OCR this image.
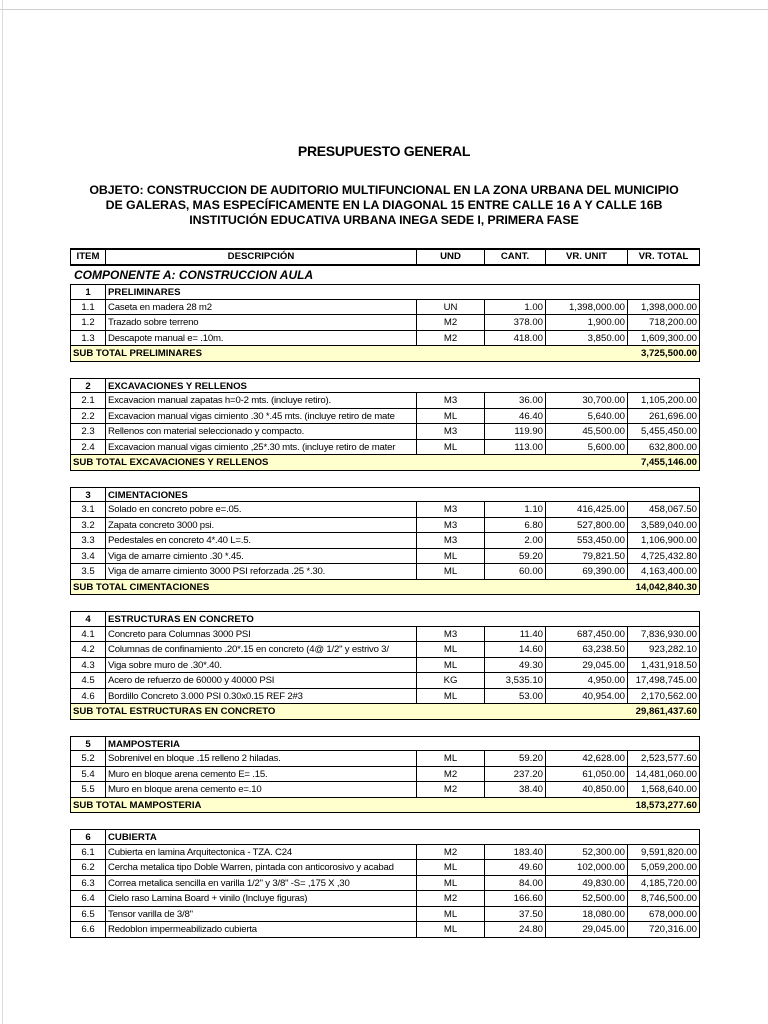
PRESUPUESTO GENERAL
OBJETO: CONSTRUCCION DE AUDITORIO MULTIFUNCIONAL EN LA ZONA URBANA DEL MUNICIPIO DE GALERAS, MAS ESPECÍFICAMENTE EN LA DIAGONAL 15 ENTRE CALLE 16 A Y CALLE 16B INSTITUCIÓN EDUCATIVA URBANA INEGA SEDE I, PRIMERA FASE
ITEM	DESCRIPCIÓN	UND	CANT.	VR. UNIT	VR. TOTAL
COMPONENTE A: CONSTRUCCION AULA
1	PRELIMINARES
1.1	Caseta en madera 28 m2	UN	1.00	1,398,000.00	1,398,000.00
1.2	Trazado sobre terreno	M2	378.00	1,900.00	718,200.00
1.3	Descapote manual e= .10m.	M2	418.00	3,850.00	1,609,300.00
SUB TOTAL PRELIMINARES	3,725,500.00
2	EXCAVACIONES Y RELLENOS
2.1	Excavacion manual zapatas h=0-2 mts. (incluye retiro).	M3	36.00	30,700.00	1,105,200.00
2.2	Excavacion manual vigas cimiento .30 *.45 mts. (incluye retiro de mate	ML	46.40	5,640.00	261,696.00
2.3	Rellenos con material seleccionado y compacto.	M3	119.90	45,500.00	5,455,450.00
2.4	Excavacion manual vigas cimiento ,25*.30 mts. (incluye retiro de mater	ML	113.00	5,600.00	632,800.00
SUB TOTAL EXCAVACIONES Y RELLENOS	7,455,146.00
3	CIMENTACIONES
3.1	Solado en concreto pobre e=.05.	M3	1.10	416,425.00	458,067.50
3.2	Zapata concreto 3000 psi.	M3	6.80	527,800.00	3,589,040.00
3.3	Pedestales en concreto 4*.40 L=.5.	M3	2.00	553,450.00	1,106,900.00
3.4	Viga de amarre cimiento .30 *.45.	ML	59.20	79,821.50	4,725,432.80
3.5	Viga de amarre cimiento 3000 PSI reforzada .25 *.30.	ML	60.00	69,390.00	4,163,400.00
SUB TOTAL CIMENTACIONES	14,042,840.30
4	ESTRUCTURAS EN CONCRETO
4.1	Concreto para Columnas 3000 PSI	M3	11.40	687,450.00	7,836,930.00
4.2	Columnas de confinamiento .20*.15 en concreto (4@ 1/2" y estrivo 3/	ML	14.60	63,238.50	923,282.10
4.3	Viga sobre muro de .30*.40.	ML	49.30	29,045.00	1,431,918.50
4.5	Acero de refuerzo de 60000 y 40000 PSI	KG	3,535.10	4,950.00	17,498,745.00
4.6	Bordillo Concreto 3.000 PSI 0.30x0.15 REF 2#3	ML	53.00	40,954.00	2,170,562.00
SUB TOTAL ESTRUCTURAS EN CONCRETO	29,861,437.60
5	MAMPOSTERIA
5.2	Sobrenivel en bloque .15 relleno 2 hiladas.	ML	59.20	42,628.00	2,523,577.60
5.4	Muro en bloque arena cemento E= .15.	M2	237.20	61,050.00	14,481,060.00
5.5	Muro en bloque arena cemento e=.10	M2	38.40	40,850.00	1,568,640.00
SUB TOTAL MAMPOSTERIA	18,573,277.60
6	CUBIERTA
6.1	Cubierta en lamina Arquitectonica - TZA. C24	M2	183.40	52,300.00	9,591,820.00
6.2	Cercha metalica tipo Doble Warren, pintada con anticorosivo y acabad	ML	49.60	102,000.00	5,059,200.00
6.3	Correa metalica sencilla en varilla 1/2" y 3/8" -S= ,175 X ,30	ML	84.00	49,830.00	4,185,720.00
6.4	Cielo raso Lamina Board + vinilo (Incluye figuras)	M2	166.60	52,500.00	8,746,500.00
6.5	Tensor varilla de 3/8"	ML	37.50	18,080.00	678,000.00
6.6	Redoblon impermeabilizado cubierta	ML	24.80	29,045.00	720,316.00
